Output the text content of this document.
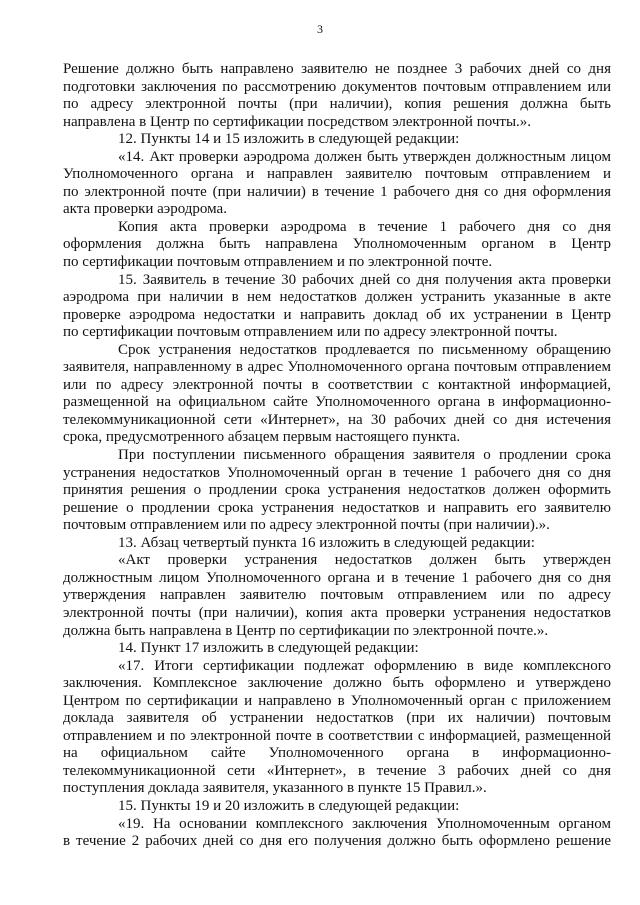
3
Решение должно быть направлено заявителю не позднее 3 рабочих дней со дня
подготовки заключения по рассмотрению документов почтовым отправлением или
по адресу электронной почты (при наличии), копия решения должна быть
направлена в Центр по сертификации посредством электронной почты.».
12. Пункты 14 и 15 изложить в следующей редакции:
«14. Акт проверки аэродрома должен быть утвержден должностным лицом
Уполномоченного органа и направлен заявителю почтовым отправлением и
по электронной почте (при наличии) в течение 1 рабочего дня со дня оформления
акта проверки аэродрома.
Копия акта проверки аэродрома в течение 1 рабочего дня со дня
оформления должна быть направлена Уполномоченным органом в Центр
по сертификации почтовым отправлением и по электронной почте.
15. Заявитель в течение 30 рабочих дней со дня получения акта проверки
аэродрома при наличии в нем недостатков должен устранить указанные в акте
проверке аэродрома недостатки и направить доклад об их устранении в Центр
по сертификации почтовым отправлением или по адресу электронной почты.
Срок устранения недостатков продлевается по письменному обращению
заявителя, направленному в адрес Уполномоченного органа почтовым отправлением
или по адресу электронной почты в соответствии с контактной информацией,
размещенной на официальном сайте Уполномоченного органа в информационно-
телекоммуникационной сети «Интернет», на 30 рабочих дней со дня истечения
срока, предусмотренного абзацем первым настоящего пункта.
При поступлении письменного обращения заявителя о продлении срока
устранения недостатков Уполномоченный орган в течение 1 рабочего дня со дня
принятия решения о продлении срока устранения недостатков должен оформить
решение о продлении срока устранения недостатков и направить его заявителю
почтовым отправлением или по адресу электронной почты (при наличии).».
13. Абзац четвертый пункта 16 изложить в следующей редакции:
«Акт проверки устранения недостатков должен быть утвержден
должностным лицом Уполномоченного органа и в течение 1 рабочего дня со дня
утверждения направлен заявителю почтовым отправлением или по адресу
электронной почты (при наличии), копия акта проверки устранения недостатков
должна быть направлена в Центр по сертификации по электронной почте.».
14. Пункт 17 изложить в следующей редакции:
«17. Итоги сертификации подлежат оформлению в виде комплексного
заключения. Комплексное заключение должно быть оформлено и утверждено
Центром по сертификации и направлено в Уполномоченный орган с приложением
доклада заявителя об устранении недостатков (при их наличии) почтовым
отправлением и по электронной почте в соответствии с информацией, размещенной
на официальном сайте Уполномоченного органа в информационно-
телекоммуникационной сети «Интернет», в течение 3 рабочих дней со дня
поступления доклада заявителя, указанного в пункте 15 Правил.».
15. Пункты 19 и 20 изложить в следующей редакции:
«19. На основании комплексного заключения Уполномоченным органом
в течение 2 рабочих дней со дня его получения должно быть оформлено решение
